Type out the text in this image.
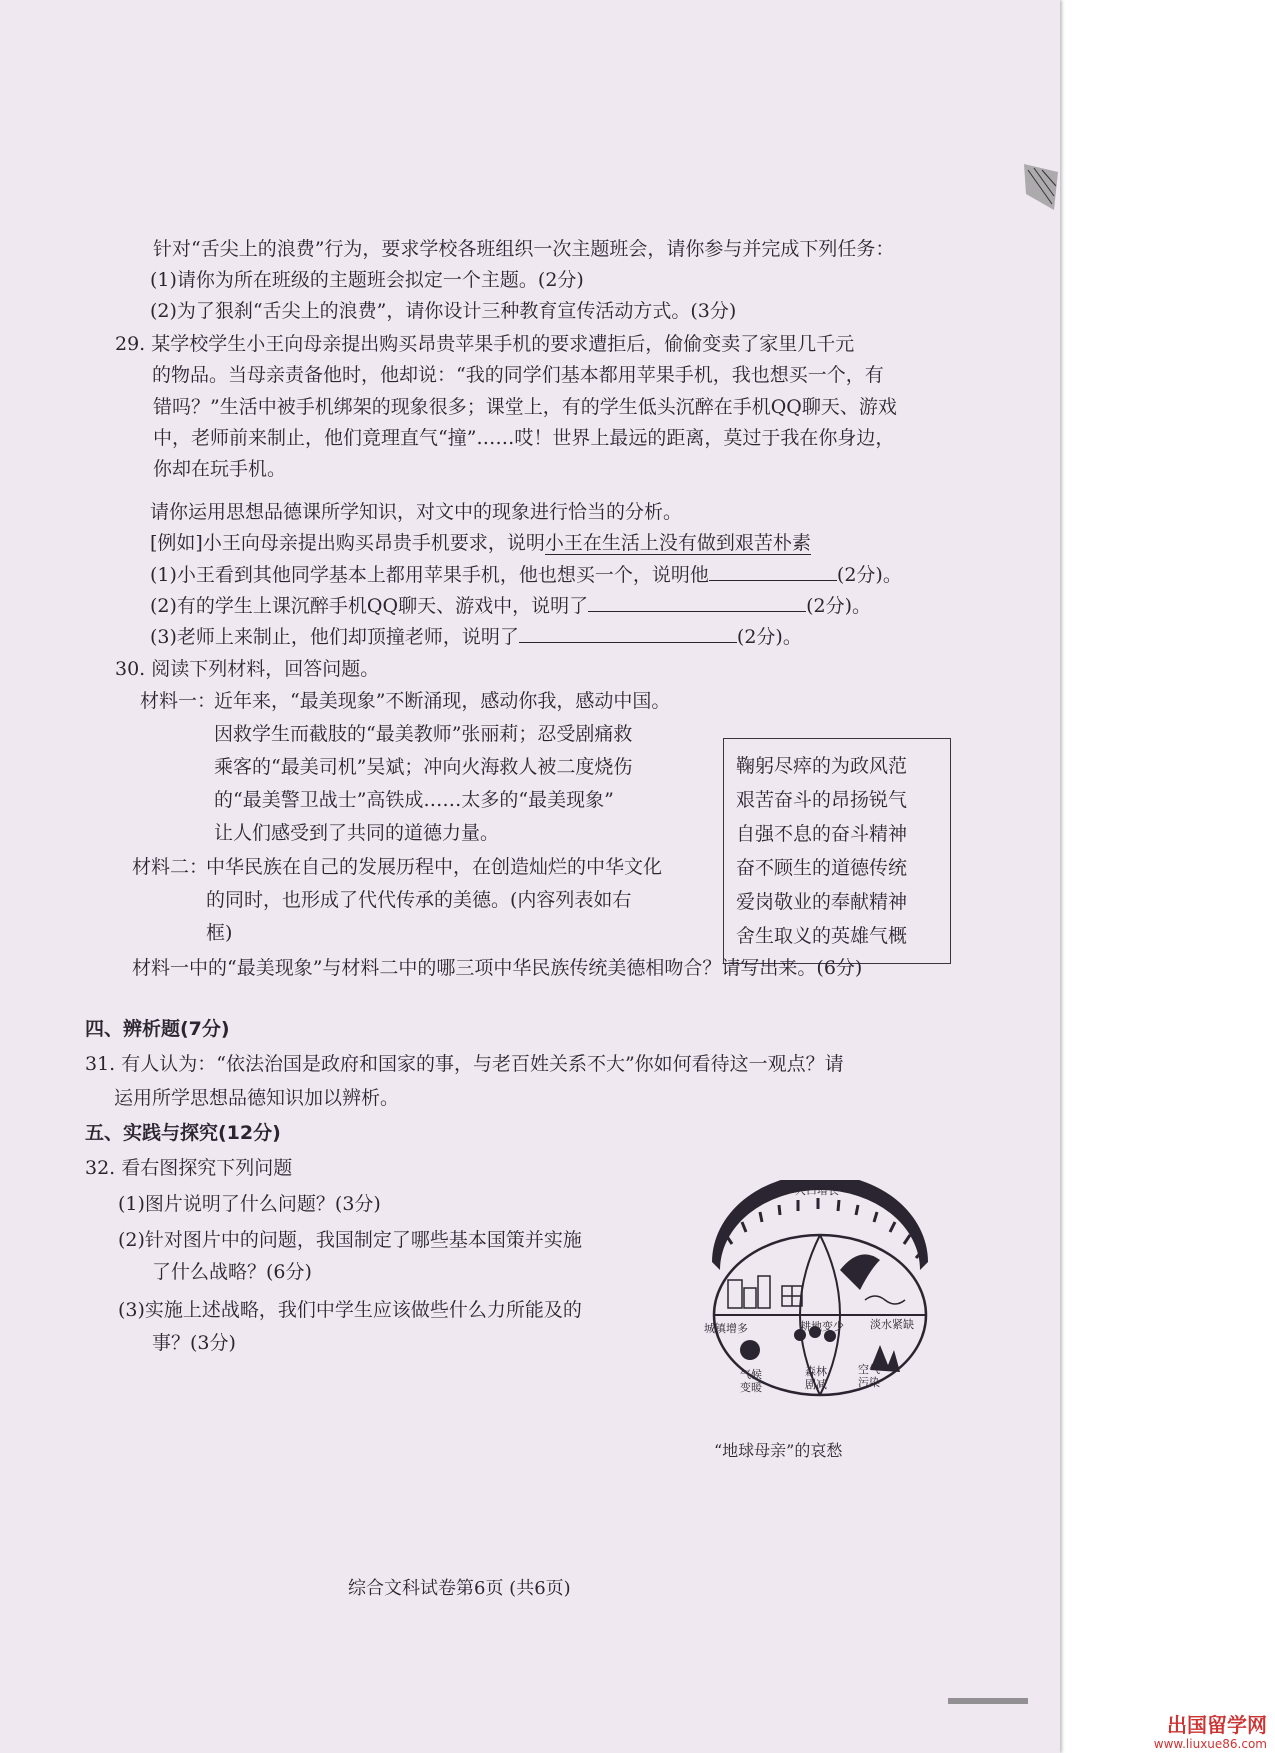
针对“舌尖上的浪费”行为，要求学校各班组织一次主题班会，请你参与并完成下列任务：
(1)请你为所在班级的主题班会拟定一个主题。(2分)
(2)为了狠刹“舌尖上的浪费”，请你设计三种教育宣传活动方式。(3分)
29. 某学校学生小王向母亲提出购买昂贵苹果手机的要求遭拒后，偷偷变卖了家里几千元
的物品。当母亲责备他时，他却说：“我的同学们基本都用苹果手机，我也想买一个，有
错吗？”生活中被手机绑架的现象很多；课堂上，有的学生低头沉醉在手机QQ聊天、游戏
中，老师前来制止，他们竟理直气“撞”……哎！世界上最远的距离，莫过于我在你身边，
你却在玩手机。
请你运用思想品德课所学知识，对文中的现象进行恰当的分析。
[例如]小王向母亲提出购买昂贵手机要求，说明小王在生活上没有做到艰苦朴素
(1)小王看到其他同学基本上都用苹果手机，他也想买一个，说明他	(2分)。
(2)有的学生上课沉醉手机QQ聊天、游戏中，说明了	(2分)。
(3)老师上来制止，他们却顶撞老师，说明了	(2分)。
30. 阅读下列材料，回答问题。
材料一：
近年来，“最美现象”不断涌现，感动你我，感动中国。
因救学生而截肢的“最美教师”张丽莉；忍受剧痛救
乘客的“最美司机”吴斌；冲向火海救人被二度烧伤
的“最美警卫战士”高铁成……太多的“最美现象”
让人们感受到了共同的道德力量。
材料二：
中华民族在自己的发展历程中，在创造灿烂的中华文化
的同时，也形成了代代传承的美德。(内容列表如右
框)
鞠躬尽瘁的为政风范
艰苦奋斗的昂扬锐气
自强不息的奋斗精神
奋不顾生的道德传统
爱岗敬业的奉献精神
舍生取义的英雄气概
材料一中的“最美现象”与材料二中的哪三项中华民族传统美德相吻合？请写出来。(6分)
四、辨析题(7分)
31. 有人认为：“依法治国是政府和国家的事，与老百姓关系不大”你如何看待这一观点？请
运用所学思想品德知识加以辨析。
五、实践与探究(12分)
32. 看右图探究下列问题
(1)图片说明了什么问题？(3分)
(2)针对图片中的问题，我国制定了哪些基本国策并实施
了什么战略？(6分)
(3)实施上述战略，我们中学生应该做些什么力所能及的
事？(3分)
人口增长
城镇增多	耕地变少 淡水紧缺
气候变暖
森林剧减
空气污染
“地球母亲”的哀愁
综合文科试卷第6页 (共6页)
出国留学网
www.liuxue86.com
